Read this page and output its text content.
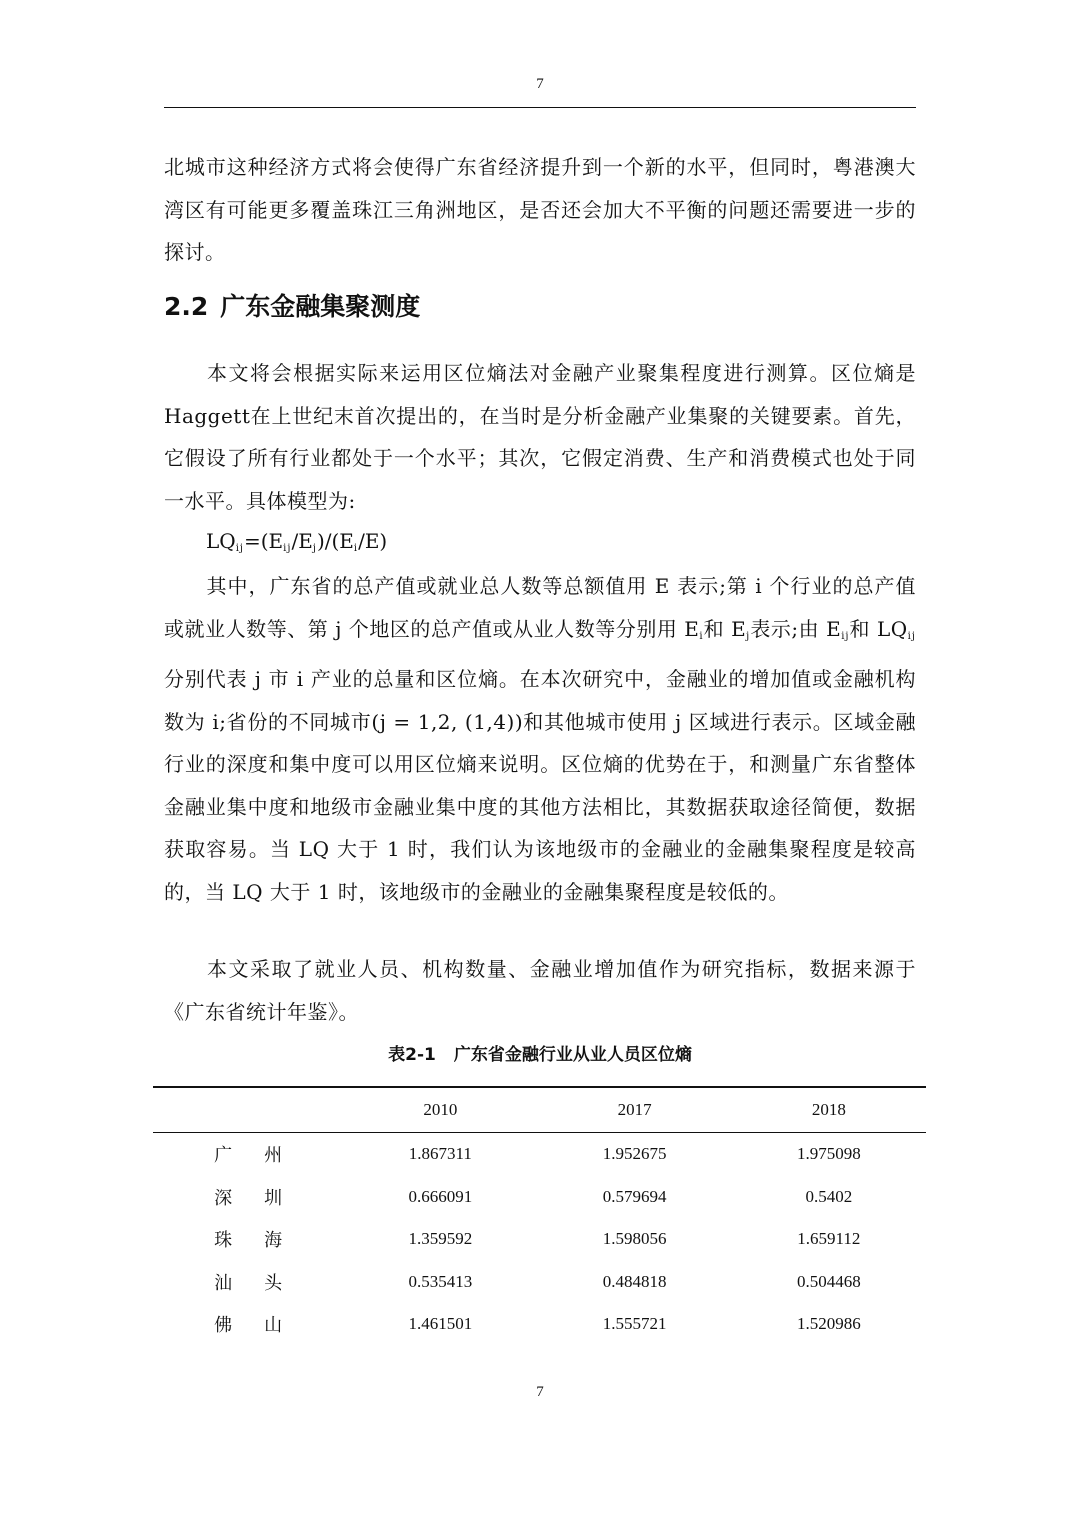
7

北城市这种经济方式将会使得广东省经济提升到一个新的水平，但同时，粤港澳大湾区有可能更多覆盖珠江三角洲地区，是否还会加大不平衡的问题还需要进一步的探讨。

2.2 广东金融集聚测度

本文将会根据实际来运用区位熵法对金融产业聚集程度进行测算。区位熵是Haggett在上世纪末首次提出的，在当时是分析金融产业集聚的关键要素。首先，它假设了所有行业都处于一个水平；其次，它假定消费、生产和消费模式也处于同一水平。具体模型为:

$LQ_{ij}=(E_{ij}/E_j)/(E_i/E)$

其中，广东省的总产值或就业总人数等总额值用 E 表示;第 i 个行业的总产值或就业人数等、第 j 个地区的总产值或从业人数等分别用 $E_i$和 $E_j$表示;由 $E_{ij}$和 $LQ_{ij}$分别代表 j 市 i 产业的总量和区位熵。在本次研究中，金融业的增加值或金融机构数为 i;省份的不同城市(j = 1,2, (1,4))和其他城市使用 j 区域进行表示。区域金融行业的深度和集中度可以用区位熵来说明。区位熵的优势在于，和测量广东省整体金融业集中度和地级市金融业集中度的其他方法相比，其数据获取途径简便，数据获取容易。当 LQ 大于 1 时，我们认为该地级市的金融业的金融集聚程度是较高的，当 LQ 大于 1 时，该地级市的金融业的金融集聚程度是较低的。

本文采取了就业人员、机构数量、金融业增加值作为研究指标，数据来源于《广东省统计年鉴》。

表2-1 广东省金融行业从业人员区位熵
	2010	2017	2018
广州	1.867311	1.952675	1.975098
深圳	0.666091	0.579694	0.5402
珠海	1.359592	1.598056	1.659112
汕头	0.535413	0.484818	0.504468
佛山	1.461501	1.555721	1.520986
7
